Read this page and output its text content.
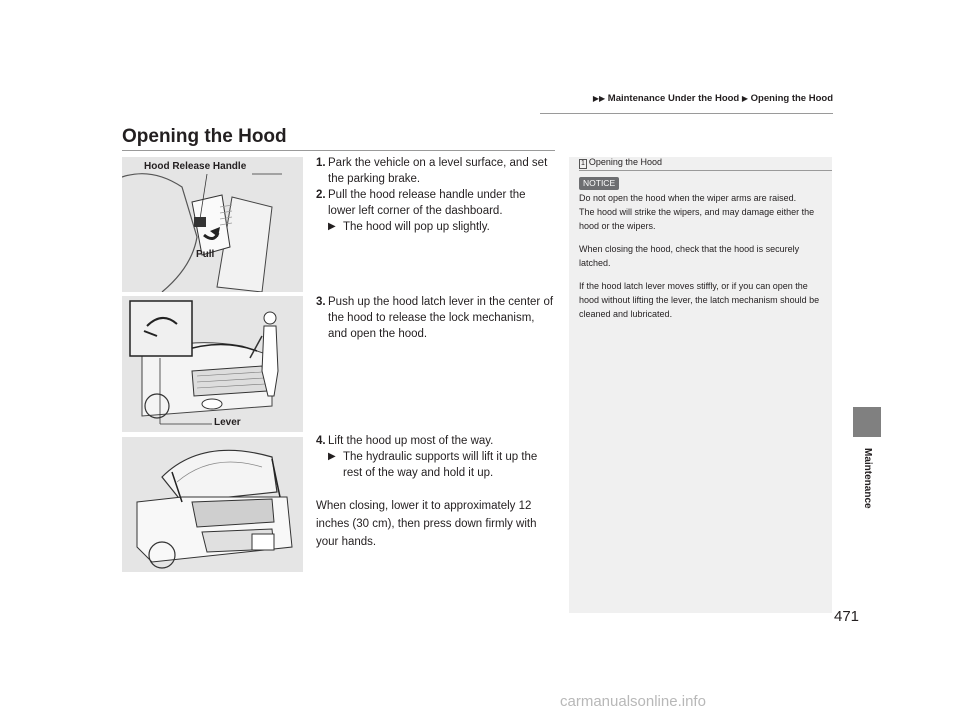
▶▶ Maintenance Under the Hood ▶ Opening the Hood
Maintenance
Opening the Hood
Hood Release Handle
Pull
Lever

1. Park the vehicle on a level surface, and set the parking brake.

2. Pull the hood release handle under the lower left corner of the dashboard.

▶ The hood will pop up slightly.

3. Push up the hood latch lever in the center of the hood to release the lock mechanism, and open the hood.

4. Lift the hood up most of the way.

▶ The hydraulic supports will lift it up the rest of the way and hold it up.

When closing, lower it to approximately 12 inches (30 cm), then press down firmly with your hands.
1 Opening the Hood
NOTICE

Do not open the hood when the wiper arms are raised.
The hood will strike the wipers, and may damage either the hood or the wipers.

When closing the hood, check that the hood is securely latched.

If the hood latch lever moves stiffly, or if you can open the hood without lifting the lever, the latch mechanism should be cleaned and lubricated.

471
carmanualsonline.info
